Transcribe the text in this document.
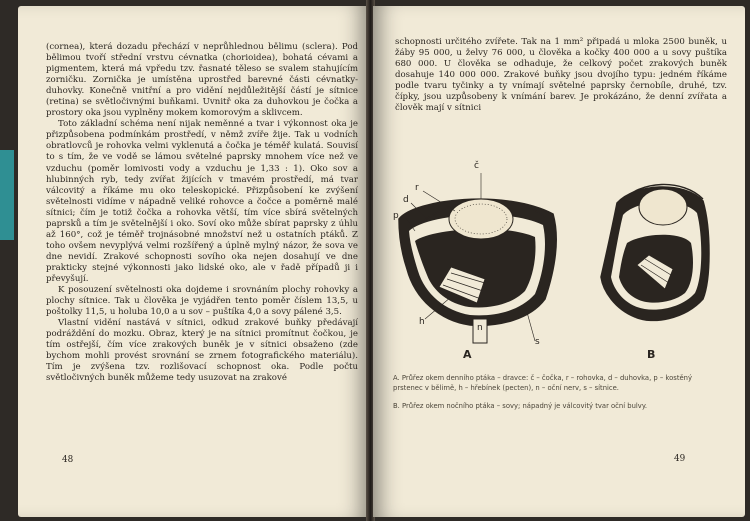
(cornea), která dozadu přechází v neprůhlednou bělimu (sclera). Pod bělimou tvoří střední vrstvu cévnatka (chorioidea), bohatá cévami a pigmentem, která má vpředu tzv. řasnaté těleso se svalem stahujícím zorničku. Zornička je umístěna uprostřed barevné části cévnatky-duhovky. Konečně vnitřní a pro vidění nejdůležitější částí je sítnice (retina) se světločivnými buňkami. Uvnitř oka za duhovkou je čočka a prostory oka jsou vyplněny mokem komorovým a sklivcem.

Toto základní schéma není nijak neměnné a tvar i výkonnost oka je přizpůsobena podmínkám prostředí, v němž zvíře žije. Tak u vodních obratlovců je rohovka velmi vyklenutá a čočka je téměř kulatá. Souvisí to s tím, že ve vodě se lámou světelné paprsky mnohem více než ve vzduchu (poměr lomivosti vody a vzduchu je 1,33 : 1). Oko sov a hlubinných ryb, tedy zvířat žijících v tmavém prostředí, má tvar válcovitý a říkáme mu oko teleskopické. Přizpůsobení ke zvýšení světelnosti vidíme v nápadně veliké rohovce a čočce a poměrně malé sítnici; čím je totiž čočka a rohovka větší, tím více sbírá světelných paprsků a tím je světelnější i oko. Soví oko může sbírat paprsky z úhlu až 160°, což je téměř trojnásobné množství než u ostatních ptáků. Z toho ovšem nevyplývá velmi rozšířený a úplně mylný názor, že sova ve dne nevidí. Zrakové schopnosti sovího oka nejen dosahují ve dne prakticky stejné výkonnosti jako lidské oko, ale v řadě případů ji i převyšují.

K posouzení světelnosti oka dojdeme i srovnáním plochy rohovky a plochy sítnice. Tak u člověka je vyjádřen tento poměr číslem 13,5, u poštolky 11,5, u holuba 10,0 a u sov – puštíka 4,0 a sovy pálené 3,5.

Vlastní vidění nastává v sítnici, odkud zrakové buňky předávají podráždění do mozku. Obraz, který je na sítnici promítnut čočkou, je tím ostřejší, čím více zrakových buněk je v sítnici obsaženo (zde bychom mohli provést srovnání se zrnem fotografického materiálu). Tím je zvýšena tzv. rozlišovací schopnost oka. Podle počtu světločivných buněk můžeme tedy usuzovat na zrakové

48

schopnosti určitého zvířete. Tak na 1 mm² připadá u mloka 2500 buněk, u žáby 95 000, u želvy 76 000, u člověka a kočky 400 000 a u sovy puštíka 680 000. U člověka se odhaduje, že celkový počet zrakových buněk dosahuje 140 000 000. Zrakové buňky jsou dvojího typu: jedném říkáme podle tvaru tyčinky a ty vnímají světelné paprsky černobíle, druhé, tzv. čípky, jsou uzpůsobeny k vnímání barev. Je prokázáno, že denní zvířata a člověk mají v sítnici

č
r
d
p
h
n
s
A	B

A. Průřez okem denního ptáka – dravce: č – čočka, r – rohovka, d – duhovka, p – kostěný prstenec v bělimě, h – hřebínek (pecten), n – oční nerv, s – sítnice.

B. Průřez okem nočního ptáka – sovy; nápadný je válcovitý tvar oční bulvy.

49
